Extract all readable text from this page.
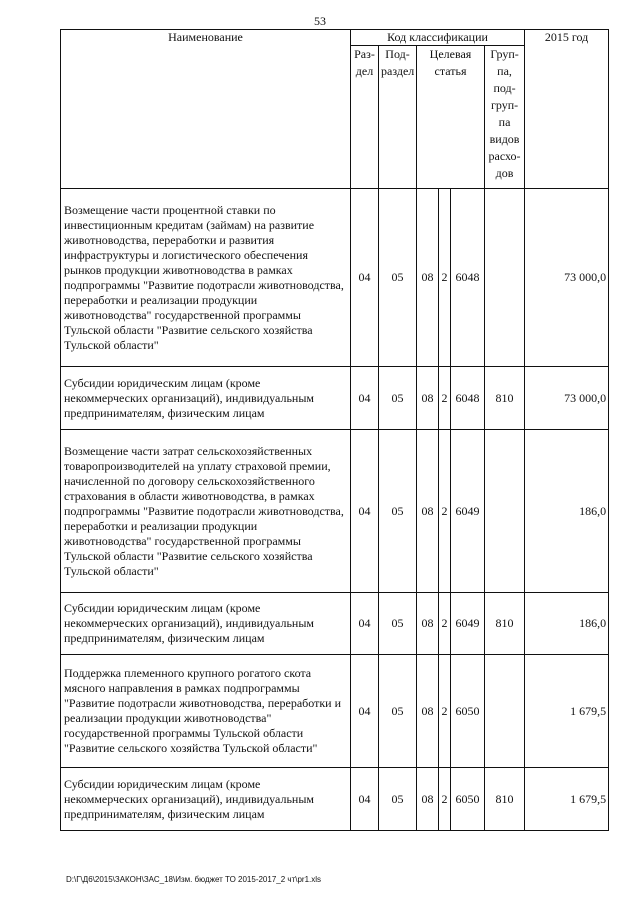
53
Наименование	Код классификации						2015 год
	Раз-дел	Под-раздел	Целевая статья			Груп-па, под-груп-па видов расхо-дов	
Возмещение части процентной ставки по инвестиционным кредитам (займам) на развитие животноводства, переработки и развития инфраструктуры и логистического обеспечения рынков продукции животноводства в рамках подпрограммы "Развитие подотрасли животноводства, переработки и реализации продукции животноводства" государственной программы Тульской области "Развитие сельского хозяйства Тульской области"	04	05	08	2	6048		73 000,0
Субсидии юридическим лицам (кроме некоммерческих организаций), индивидуальным предпринимателям, физическим лицам	04	05	08	2	6048	810	73 000,0
Возмещение части затрат сельскохозяйственных товаропроизводителей на уплату страховой премии, начисленной по договору сельскохозяйственного страхования в области животноводства, в рамках подпрограммы "Развитие подотрасли животноводства, переработки и реализации продукции животноводства" государственной программы Тульской области "Развитие сельского хозяйства Тульской области"	04	05	08	2	6049		186,0
Субсидии юридическим лицам (кроме некоммерческих организаций), индивидуальным предпринимателям, физическим лицам	04	05	08	2	6049	810	186,0
Поддержка племенного крупного рогатого скота мясного направления в рамках подпрограммы "Развитие подотрасли животноводства, переработки и реализации продукции животноводства" государственной программы Тульской области "Развитие сельского хозяйства Тульской области"	04	05	08	2	6050		1 679,5
Субсидии юридическим лицам (кроме некоммерческих организаций), индивидуальным предпринимателям, физическим лицам	04	05	08	2	6050	810	1 679,5
D:\Г\Д6\2015\ЗАКОН\ЗАС_18\Изм. бюджет ТО 2015-2017_2 чт\pr1.xls
